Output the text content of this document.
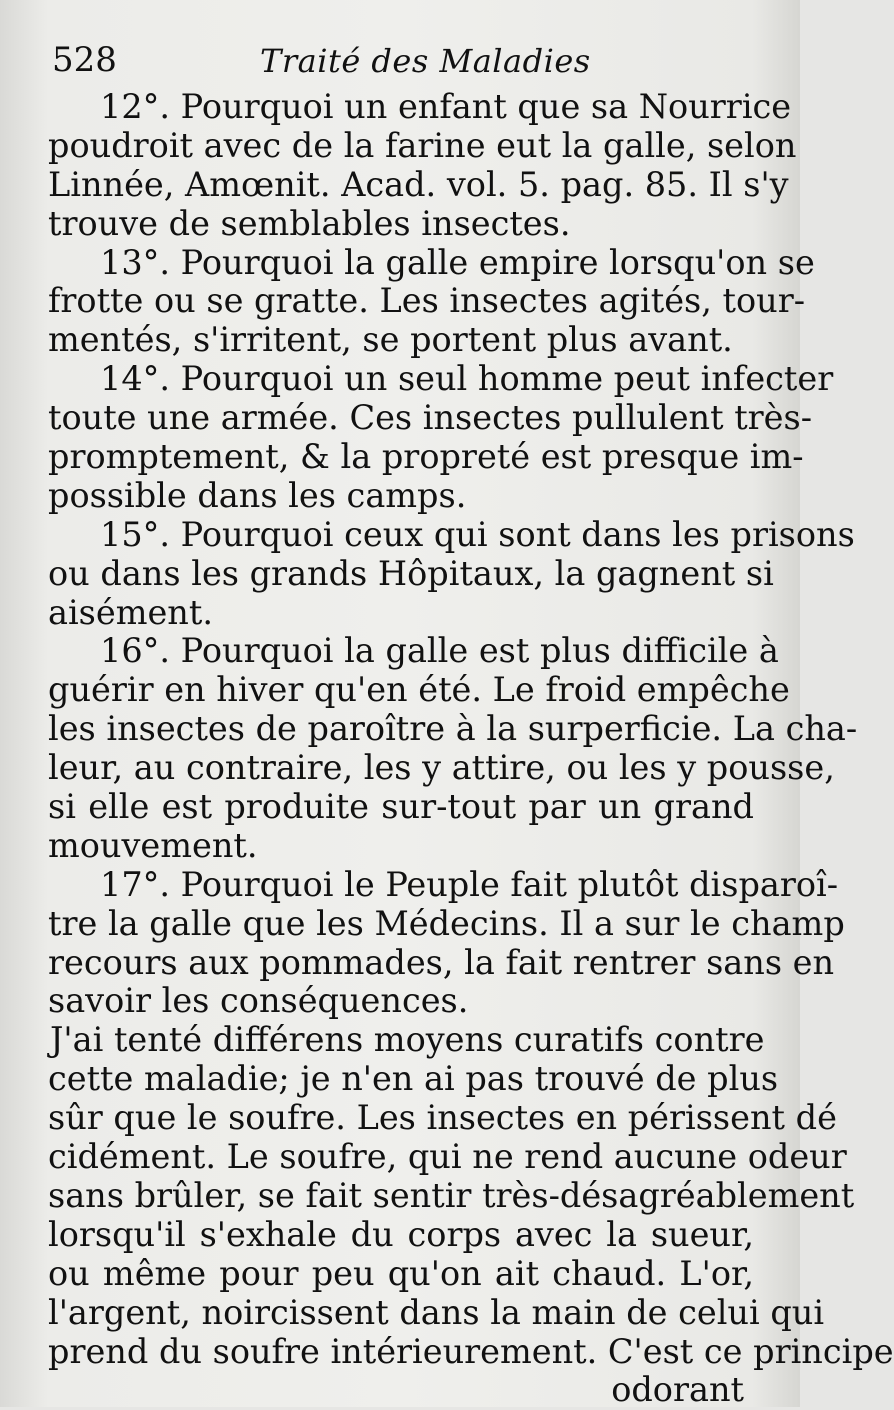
528	Traité des Maladies
12°. Pourquoi un enfant que sa Nourrice
poudroit avec de la farine eut la galle, selon
Linnée, Amœnit. Acad. vol. 5. pag. 85. Il s'y
trouve de semblables insectes.
13°. Pourquoi la galle empire lorsqu'on se
frotte ou se gratte. Les insectes agités, tour-
mentés, s'irritent, se portent plus avant.
14°. Pourquoi un seul homme peut infecter
toute une armée. Ces insectes pullulent très-
promptement, & la propreté est presque im-
possible dans les camps.
15°. Pourquoi ceux qui sont dans les prisons
ou dans les grands Hôpitaux, la gagnent si
aisément.
16°. Pourquoi la galle est plus difficile à
guérir en hiver qu'en été. Le froid empêche
les insectes de paroître à la surperficie. La cha-
leur, au contraire, les y attire, ou les y pousse,
si elle est produite sur-tout par un grand
mouvement.
17°. Pourquoi le Peuple fait plutôt disparoî-
tre la galle que les Médecins. Il a sur le champ
recours aux pommades, la fait rentrer sans en
savoir les conséquences.
J'ai tenté différens moyens curatifs contre
cette maladie; je n'en ai pas trouvé de plus
sûr que le soufre. Les insectes en périssent dé
cidément. Le soufre, qui ne rend aucune odeur
sans brûler, se fait sentir très-désagréablement
lorsqu'il s'exhale du corps avec la sueur,
ou même pour peu qu'on ait chaud. L'or,
l'argent, noircissent dans la main de celui qui
prend du soufre intérieurement. C'est ce principe
odorant
